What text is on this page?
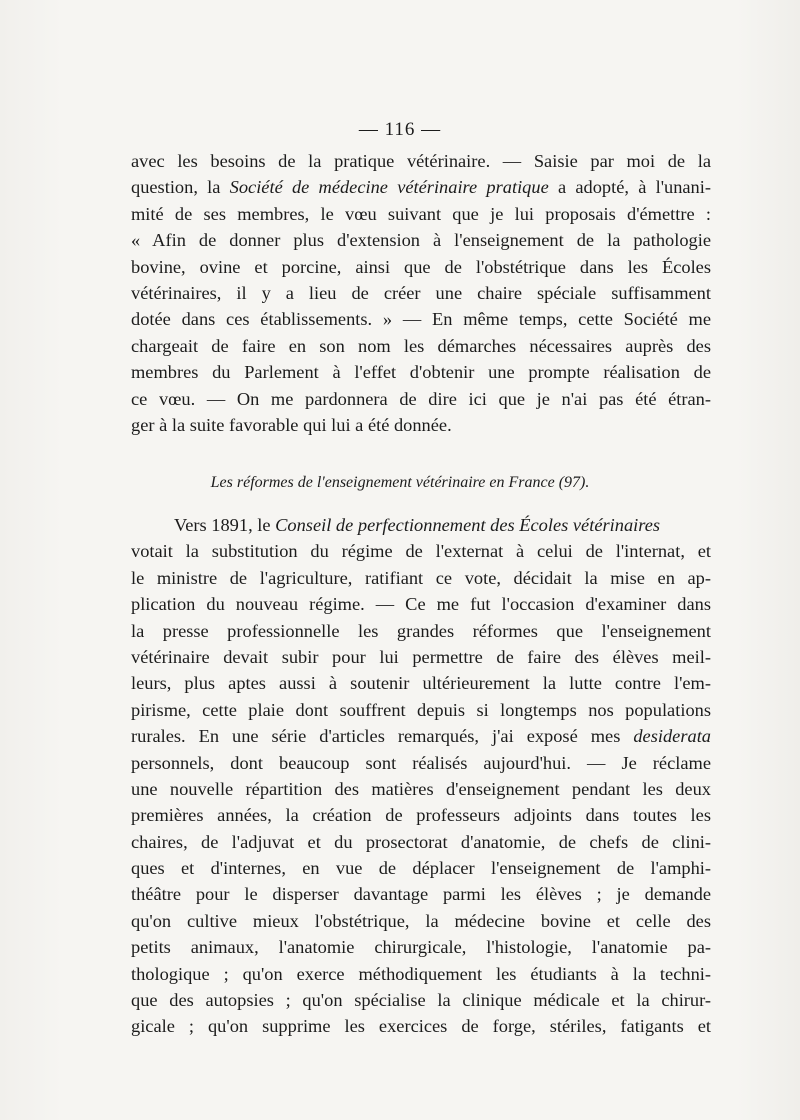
— 116 —
avec les besoins de la pratique vétérinaire. — Saisie par moi de la
question, la Société de médecine vétérinaire pratique a adopté, à l'unani-
mité de ses membres, le vœu suivant que je lui proposais d'émettre :
« Afin de donner plus d'extension à l'enseignement de la pathologie
bovine, ovine et porcine, ainsi que de l'obstétrique dans les Écoles
vétérinaires, il y a lieu de créer une chaire spéciale suffisamment
dotée dans ces établissements. » — En même temps, cette Société me
chargeait de faire en son nom les démarches nécessaires auprès des
membres du Parlement à l'effet d'obtenir une prompte réalisation de
ce vœu. — On me pardonnera de dire ici que je n'ai pas été étran-
ger à la suite favorable qui lui a été donnée.
Les réformes de l'enseignement vétérinaire en France (97).
Vers 1891, le Conseil de perfectionnement des Écoles vétérinaires
votait la substitution du régime de l'externat à celui de l'internat, et
le ministre de l'agriculture, ratifiant ce vote, décidait la mise en ap-
plication du nouveau régime. — Ce me fut l'occasion d'examiner dans
la presse professionnelle les grandes réformes que l'enseignement
vétérinaire devait subir pour lui permettre de faire des élèves meil-
leurs, plus aptes aussi à soutenir ultérieurement la lutte contre l'em-
pirisme, cette plaie dont souffrent depuis si longtemps nos populations
rurales. En une série d'articles remarqués, j'ai exposé mes desiderata
personnels, dont beaucoup sont réalisés aujourd'hui. — Je réclame
une nouvelle répartition des matières d'enseignement pendant les deux
premières années, la création de professeurs adjoints dans toutes les
chaires, de l'adjuvat et du prosectorat d'anatomie, de chefs de clini-
ques et d'internes, en vue de déplacer l'enseignement de l'amphi-
théâtre pour le disperser davantage parmi les élèves ; je demande
qu'on cultive mieux l'obstétrique, la médecine bovine et celle des
petits animaux, l'anatomie chirurgicale, l'histologie, l'anatomie pa-
thologique ; qu'on exerce méthodiquement les étudiants à la techni-
que des autopsies ; qu'on spécialise la clinique médicale et la chirur-
gicale ; qu'on supprime les exercices de forge, stériles, fatigants et
